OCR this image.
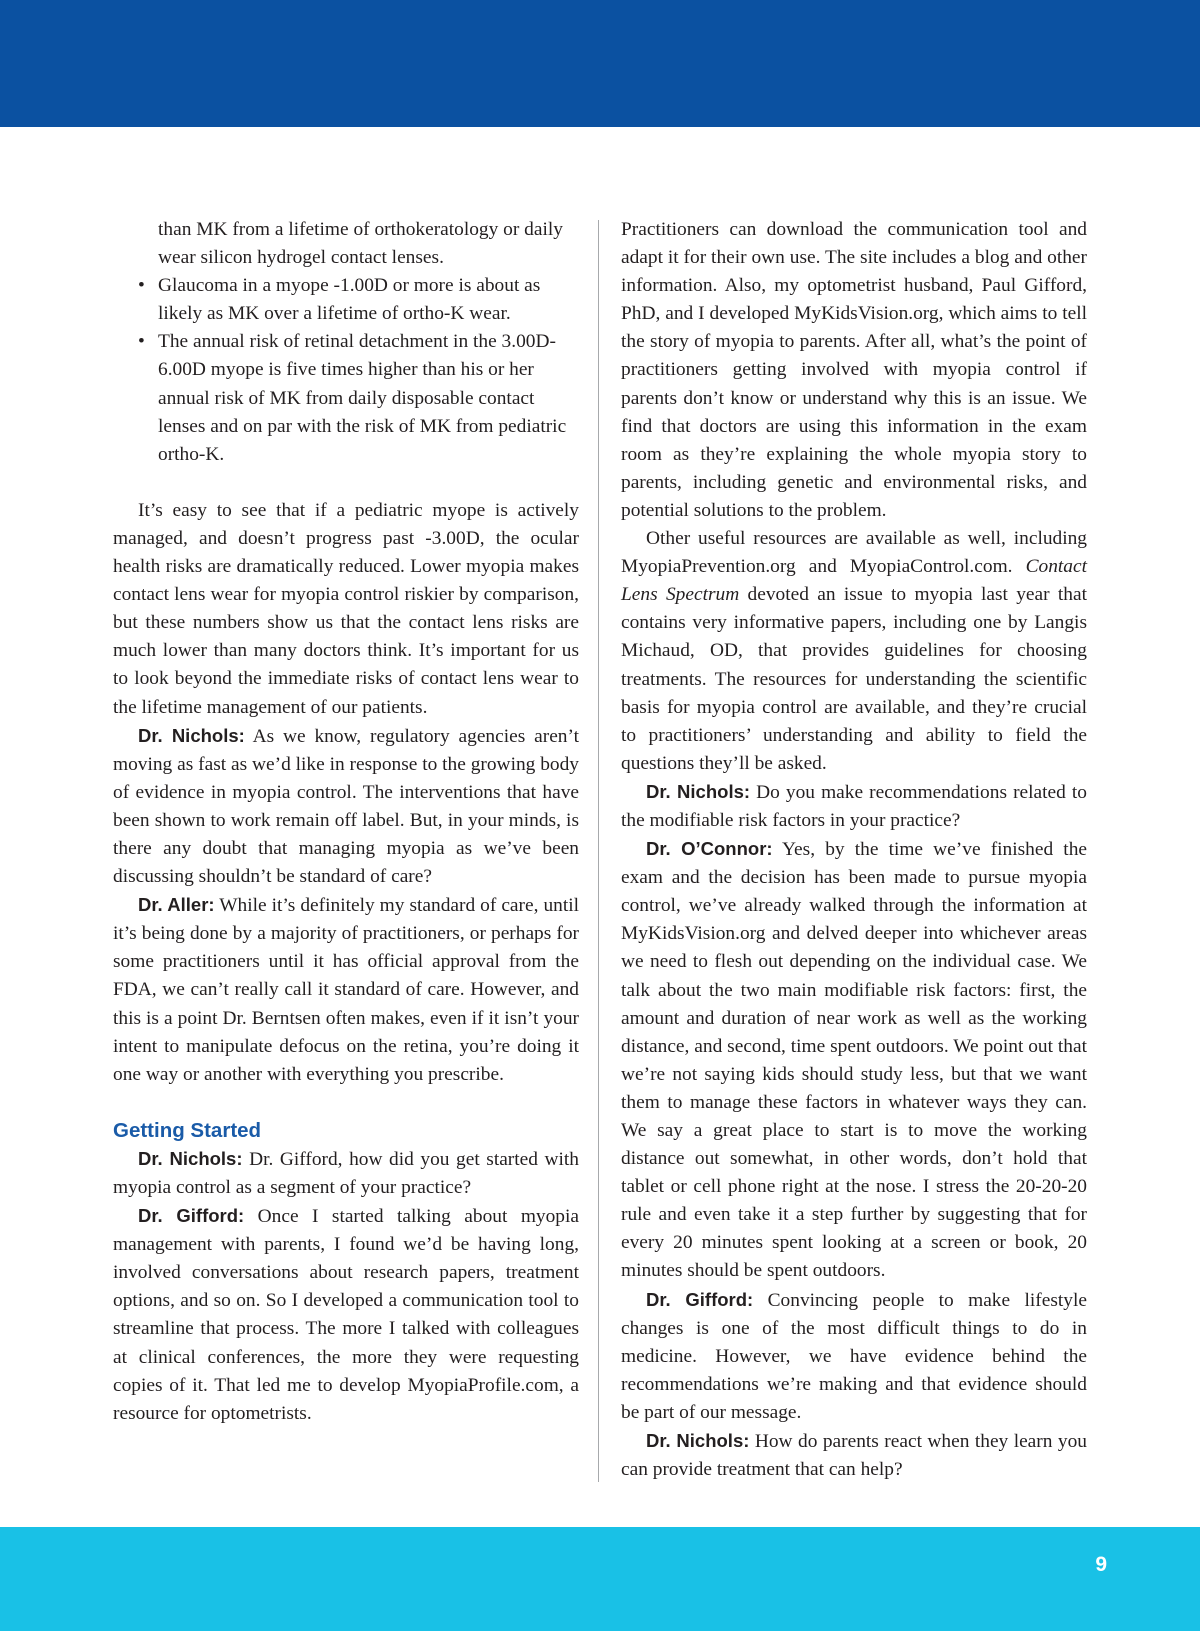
than MK from a lifetime of orthokeratology or daily wear silicon hydrogel contact lenses.
• Glaucoma in a myope -1.00D or more is about as likely as MK over a lifetime of ortho-K wear.
• The annual risk of retinal detachment in the 3.00D-6.00D myope is five times higher than his or her annual risk of MK from daily disposable contact lenses and on par with the risk of MK from pediatric ortho-K.

It’s easy to see that if a pediatric myope is actively managed, and doesn’t progress past -3.00D, the ocular health risks are dramatically reduced. Lower myopia makes contact lens wear for myopia control riskier by comparison, but these numbers show us that the contact lens risks are much lower than many doctors think. It’s important for us to look beyond the immediate risks of contact lens wear to the lifetime management of our patients.

Dr. Nichols: As we know, regulatory agencies aren’t moving as fast as we’d like in response to the growing body of evidence in myopia control. The interventions that have been shown to work remain off label. But, in your minds, is there any doubt that managing myopia as we’ve been discussing shouldn’t be standard of care?

Dr. Aller: While it’s definitely my standard of care, until it’s being done by a majority of practitioners, or perhaps for some practitioners until it has official approval from the FDA, we can’t really call it standard of care. However, and this is a point Dr. Berntsen often makes, even if it isn’t your intent to manipulate defocus on the retina, you’re doing it one way or another with everything you prescribe.

Getting Started

Dr. Nichols: Dr. Gifford, how did you get started with myopia control as a segment of your practice?

Dr. Gifford: Once I started talking about myopia management with parents, I found we’d be having long, involved conversations about research papers, treatment options, and so on. So I developed a communication tool to streamline that process. The more I talked with colleagues at clinical conferences, the more they were requesting copies of it. That led me to develop MyopiaProfile.com, a resource for optometrists.

Practitioners can download the communication tool and adapt it for their own use. The site includes a blog and other information. Also, my optometrist husband, Paul Gifford, PhD, and I developed MyKidsVision.org, which aims to tell the story of myopia to parents. After all, what’s the point of practitioners getting involved with myopia control if parents don’t know or understand why this is an issue. We find that doctors are using this information in the exam room as they’re explaining the whole myopia story to parents, including genetic and environmental risks, and potential solutions to the problem.

Other useful resources are available as well, including MyopiaPrevention.org and MyopiaControl.com. Contact Lens Spectrum devoted an issue to myopia last year that contains very informative papers, including one by Langis Michaud, OD, that provides guidelines for choosing treatments. The resources for understanding the scientific basis for myopia control are available, and they’re crucial to practitioners’ understanding and ability to field the questions they’ll be asked.

Dr. Nichols: Do you make recommendations related to the modifiable risk factors in your practice?

Dr. O’Connor: Yes, by the time we’ve finished the exam and the decision has been made to pursue myopia control, we’ve already walked through the information at MyKidsVision.org and delved deeper into whichever areas we need to flesh out depending on the individual case. We talk about the two main modifiable risk factors: first, the amount and duration of near work as well as the working distance, and second, time spent outdoors. We point out that we’re not saying kids should study less, but that we want them to manage these factors in whatever ways they can. We say a great place to start is to move the working distance out somewhat, in other words, don’t hold that tablet or cell phone right at the nose. I stress the 20-20-20 rule and even take it a step further by suggesting that for every 20 minutes spent looking at a screen or book, 20 minutes should be spent outdoors.

Dr. Gifford: Convincing people to make lifestyle changes is one of the most difficult things to do in medicine. However, we have evidence behind the recommendations we’re making and that evidence should be part of our message.

Dr. Nichols: How do parents react when they learn you can provide treatment that can help?

9
